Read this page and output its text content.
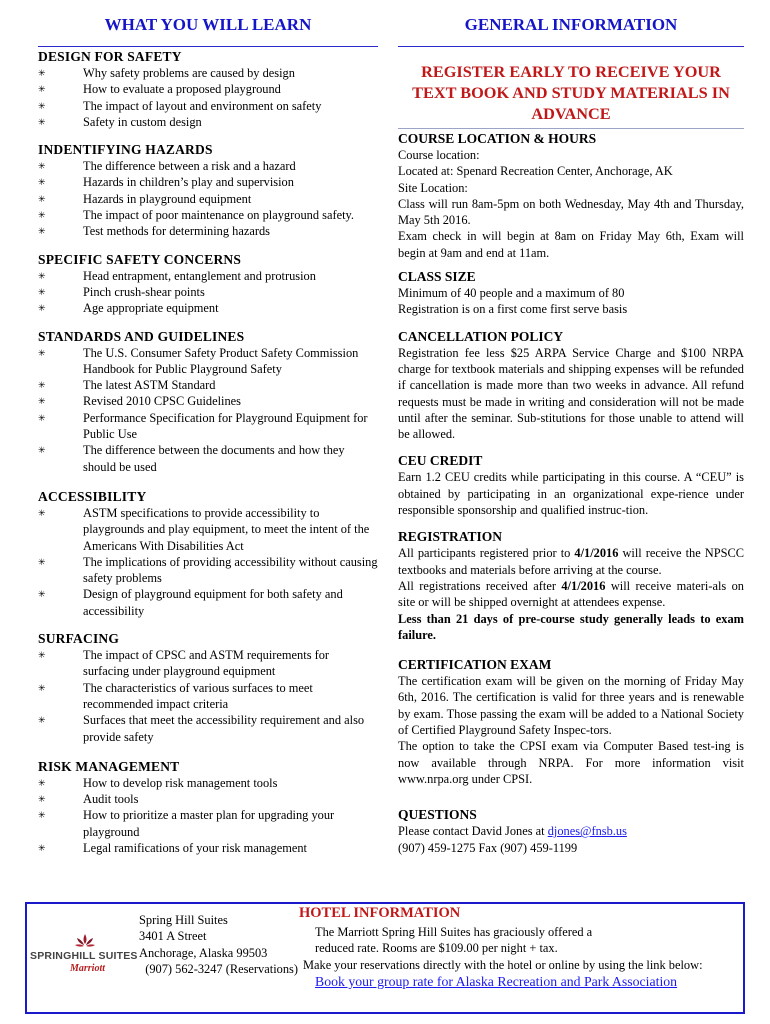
WHAT YOU WILL LEARN
DESIGN FOR SAFETY
✳	Why safety problems are caused by design
✳	How to evaluate a proposed playground
✳	The impact of layout and environment on safety
✳	Safety in custom design
INDENTIFYING HAZARDS
✳	The difference between a risk and a hazard
✳	Hazards in children’s play and supervision
✳	Hazards in playground equipment
✳	The impact of poor maintenance on playground safety.
✳	Test methods for determining hazards
SPECIFIC SAFETY CONCERNS
✳	Head entrapment, entanglement and protrusion
✳	Pinch crush-shear points
✳	Age appropriate equipment
STANDARDS AND GUIDELINES
✳	The U.S. Consumer Safety Product Safety Commission Handbook for Public Playground Safety
✳	The latest ASTM Standard
✳	Revised 2010 CPSC Guidelines
✳	Performance Specification for Playground Equipment for Public Use
✳	The difference between the documents and how they should be used
ACCESSIBILITY
✳	ASTM specifications to provide accessibility to playgrounds and play equipment, to meet the intent of the Americans With Disabilities Act
✳	The implications of providing accessibility without causing safety problems
✳	Design of playground equipment for both safety and accessibility
SURFACING
✳	The impact of CPSC and ASTM requirements for surfacing under playground equipment
✳	The characteristics of various surfaces to meet recommended impact criteria
✳	Surfaces that meet the accessibility requirement and also provide safety
RISK MANAGEMENT
✳	How to develop risk management tools
✳	Audit tools
✳	How to prioritize a master plan for upgrading your playground
✳	Legal ramifications of your risk management
GENERAL INFORMATION
REGISTER EARLY TO RECEIVE YOUR TEXT BOOK AND STUDY MATERIALS IN ADVANCE
COURSE LOCATION & HOURS
Course location:
Located at: Spenard Recreation Center, Anchorage, AK
Site Location:
Class will run 8am-5pm on both Wednesday, May 4th and Thursday, May 5th 2016.
Exam check in will begin at 8am on Friday May 6th, Exam will begin at 9am and end at 11am.
CLASS SIZE
Minimum of 40 people and a maximum of 80
Registration is on a first come first serve basis
CANCELLATION POLICY
Registration fee less $25 ARPA Service Charge and $100 NRPA charge for textbook materials and shipping expenses will be refunded if cancellation is made more than two weeks in advance. All refund requests must be made in writing and consideration will not be made until after the seminar. Sub-stitutions for those unable to attend will be allowed.
CEU CREDIT
Earn 1.2 CEU credits while participating in this course. A “CEU” is obtained by participating in an organizational expe-rience under responsible sponsorship and qualified instruc-tion.
REGISTRATION
All participants registered prior to 4/1/2016 will receive the NPSCC textbooks and materials before arriving at the course.
All registrations received after 4/1/2016 will receive materi-als on site or will be shipped overnight at attendees expense.
Less than 21 days of pre-course study generally leads to exam failure.
CERTIFICATION EXAM
The certification exam will be given on the morning of Friday May 6th, 2016. The certification is valid for three years and is renewable by exam. Those passing the exam will be added to a National Society of Certified Playground Safety Inspec-tors.
The option to take the CPSI exam via Computer Based test-ing is now available through NRPA. For more information visit www.nrpa.org under CPSI.
QUESTIONS
Please contact David Jones at djones@fnsb.us
(907) 459-1275 Fax (907) 459-1199
HOTEL INFORMATION
SPRINGHILL SUITES
Marriott
Spring Hill Suites
3401 A Street
Anchorage, Alaska 99503
(907) 562-3247 (Reservations)
The Marriott Spring Hill Suites has graciously offered a
reduced rate. Rooms are $109.00 per night + tax.
Make your reservations directly with the hotel or online by using the link below:
Book your group rate for Alaska Recreation and Park Association
